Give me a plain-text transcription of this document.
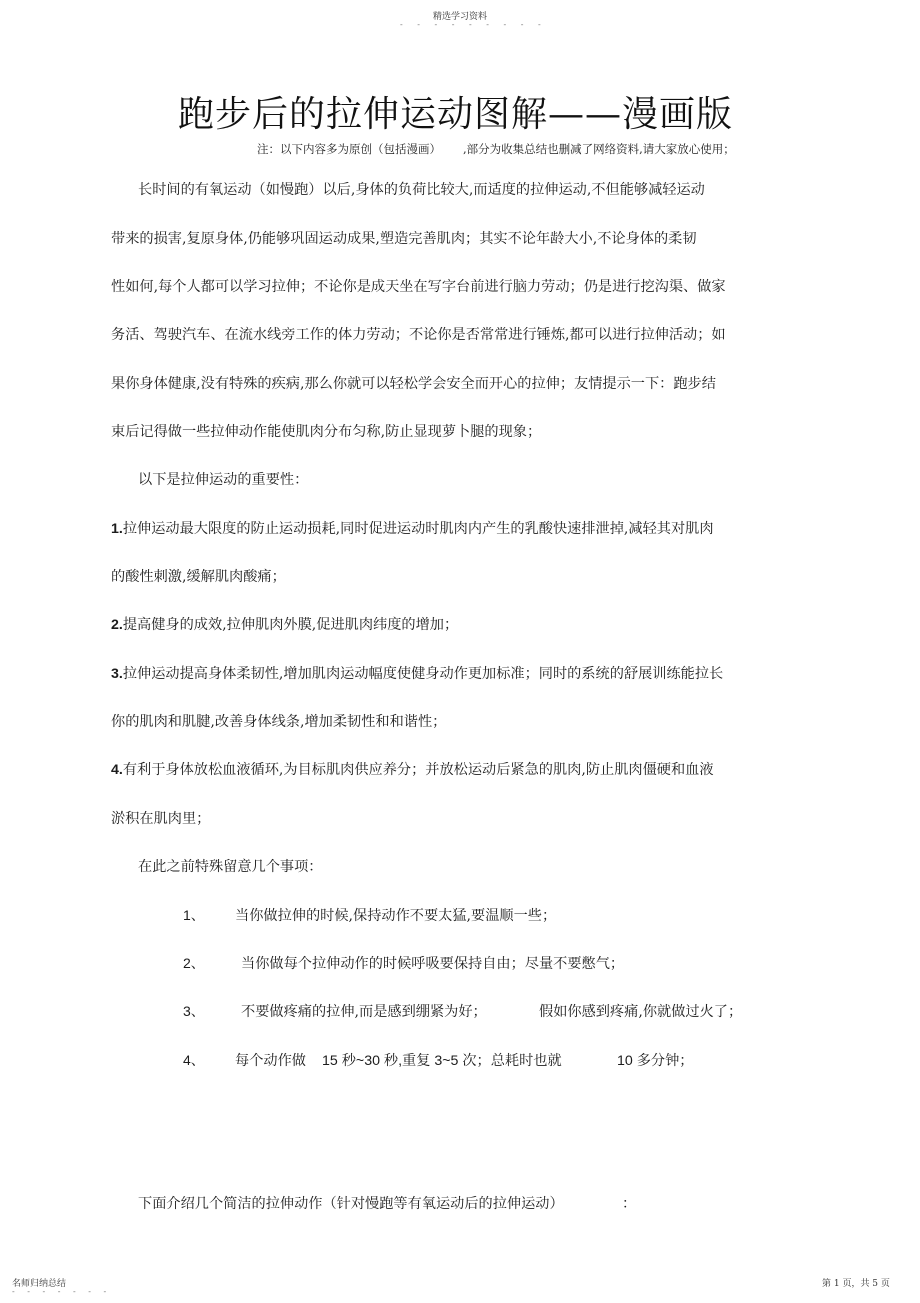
精选学习资料
- - - - - - - - -
跑步后的拉伸运动图解——漫画版
注：以下内容多为原创（包括漫画） ,部分为收集总结也删减了网络资料,请大家放心使用；
长时间的有氧运动（如慢跑）以后,身体的负荷比较大,而适度的拉伸运动,不但能够减轻运动
带来的损害,复原身体,仍能够巩固运动成果,塑造完善肌肉；其实不论年龄大小,不论身体的柔韧
性如何,每个人都可以学习拉伸；不论你是成天坐在写字台前进行脑力劳动；仍是进行挖沟渠、做家
务活、驾驶汽车、在流水线旁工作的体力劳动；不论你是否常常进行锤炼,都可以进行拉伸活动；如
果你身体健康,没有特殊的疾病,那么你就可以轻松学会安全而开心的拉伸；友情提示一下：跑步结
束后记得做一些拉伸动作能使肌肉分布匀称,防止显现萝卜腿的现象；
以下是拉伸运动的重要性：
1.拉伸运动最大限度的防止运动损耗,同时促进运动时肌肉内产生的乳酸快速排泄掉,减轻其对肌肉
的酸性刺激,缓解肌肉酸痛；
2.提高健身的成效,拉伸肌肉外膜,促进肌肉纬度的增加；
3.拉伸运动提高身体柔韧性,增加肌肉运动幅度使健身动作更加标准；同时的系统的舒展训练能拉长
你的肌肉和肌腱,改善身体线条,增加柔韧性和和谐性；
4.有利于身体放松血液循环,为目标肌肉供应养分；并放松运动后紧急的肌肉,防止肌肉僵硬和血液
淤积在肌肉里；
在此之前特殊留意几个事项：
1、 当你做拉伸的时候,保持动作不要太猛,要温顺一些；
2、	当你做每个拉伸动作的时候呼吸要保持自由；尽量不要憋气；
3、	不要做疼痛的拉伸,而是感到绷紧为好；	假如你感到疼痛,你就做过火了；
4、 每个动作做 15 秒~30 秒,重复 3~5 次；总耗时也就	10 多分钟；
下面介绍几个简洁的拉伸动作（针对慢跑等有氧运动后的拉伸运动）	：
名师归纳总结
- - - - - - -
第 1 页，共 5 页
